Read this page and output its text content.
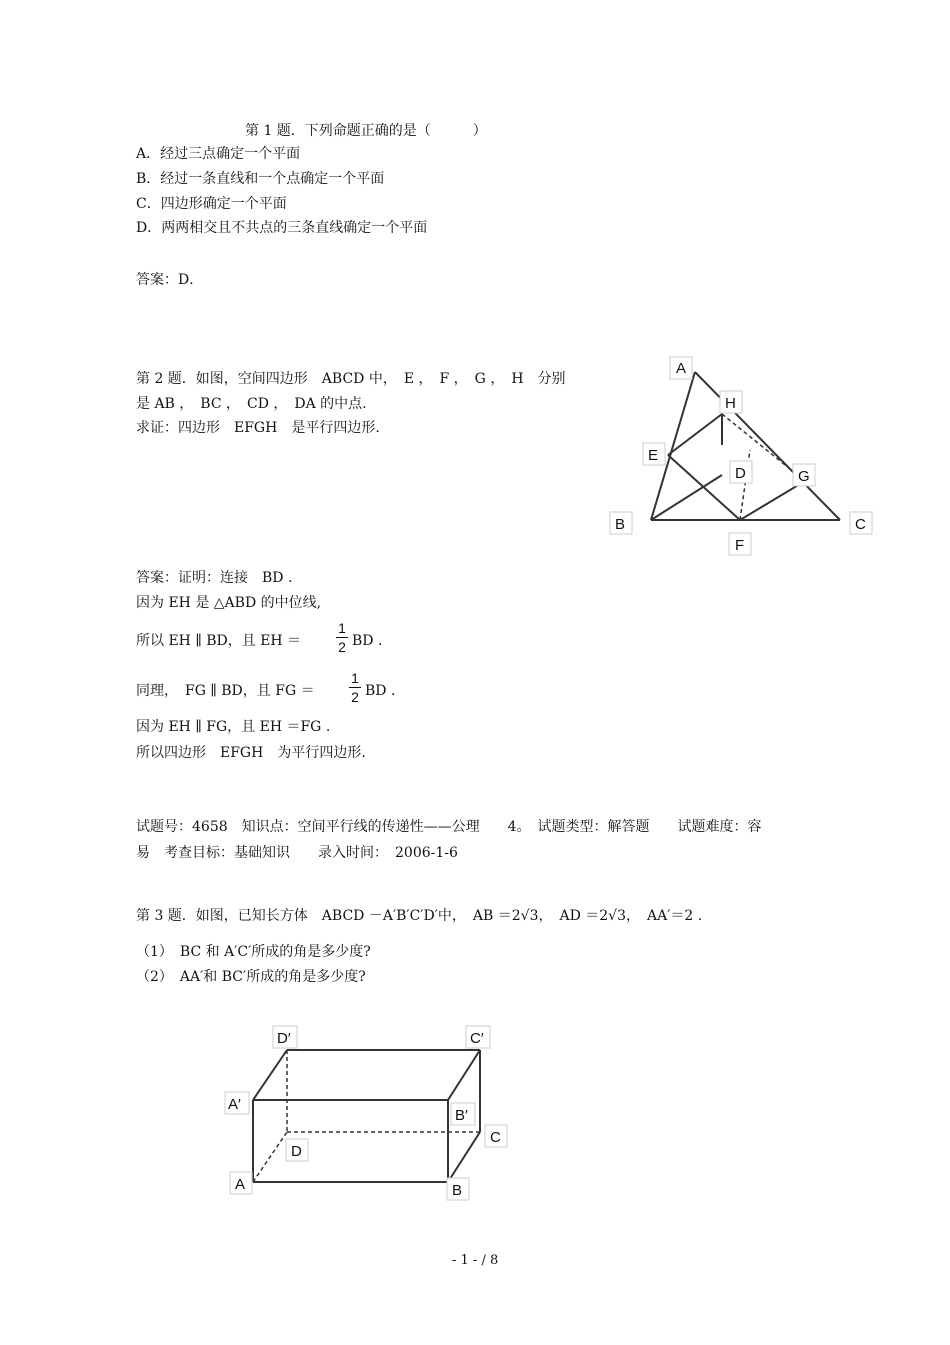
第 1 题．下列命题正确的是（　　　）
A．经过三点确定一个平面
B．经过一条直线和一个点确定一个平面
C．四边形确定一个平面
D．两两相交且不共点的三条直线确定一个平面
答案：D．
第 2 题．如图，空间四边形　ABCD 中，　E ，　F ，　G ，　H　分别
是 AB ，　BC ，　CD ，　DA 的中点.
求证：四边形　EFGH　是平行四边形.
答案：证明：连接　BD .
因为 EH 是 △ABD 的中位线,
所以 EH ∥ BD，且 EH ＝
1
2 BD .
同理，　FG ∥ BD，且 FG ＝
1
2 BD .
因为 EH ∥ FG，且 EH ＝FG .
所以四边形　EFGH　为平行四边形.
试题号：4658　知识点：空间平行线的传递性——公理　　4。　试题类型：解答题　　试题难度：容
易　考查目标：基础知识　　录入时间：　2006-1-6
第 3 题．如图，已知长方体　ABCD －A′B′C′D′中，　AB ＝2√3，　AD ＝2√3，　AA′＝2 .
（1）　BC 和 A′C′所成的角是多少度?
（2）　AA′和 BC′所成的角是多少度?
A
H
E
D	G
B	C
F
D′	C′
A′
B′
C
D
A	B
- 1 - / 8
